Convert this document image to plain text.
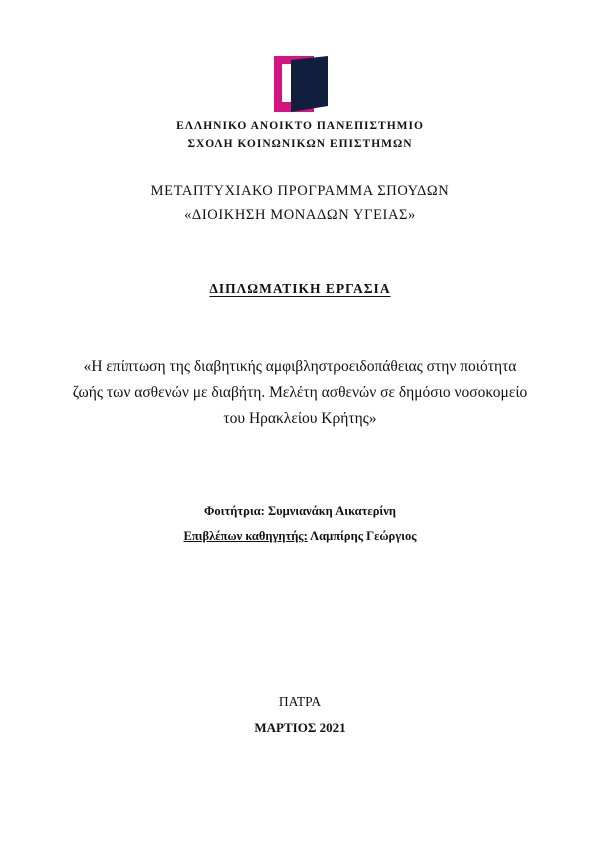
ΕΛΛΗΝΙΚΟ ΑΝΟΙΚΤΟ ΠΑΝΕΠΙΣΤΗΜΙΟ
ΣΧΟΛΗ ΚΟΙΝΩΝΙΚΩΝ ΕΠΙΣΤΗΜΩΝ
ΜΕΤΑΠΤΥΧΙΑΚΟ ΠΡΟΓΡΑΜΜΑ ΣΠΟΥΔΩΝ
«ΔΙΟΙΚΗΣΗ ΜΟΝΑΔΩΝ ΥΓΕΙΑΣ»
ΔΙΠΛΩΜΑΤΙΚΗ ΕΡΓΑΣΙΑ
«Η επίπτωση της διαβητικής αμφιβληστροειδοπάθειας στην ποιότητα ζωής των ασθενών με διαβήτη. Μελέτη ασθενών σε δημόσιο νοσοκομείο του Ηρακλείου Κρήτης»
Φοιτήτρια: Συμνιανάκη Αικατερίνη
Επιβλέπων καθηγητής: Λαμπίρης Γεώργιος
ΠΑΤΡΑ
ΜΑΡΤΙΟΣ 2021
